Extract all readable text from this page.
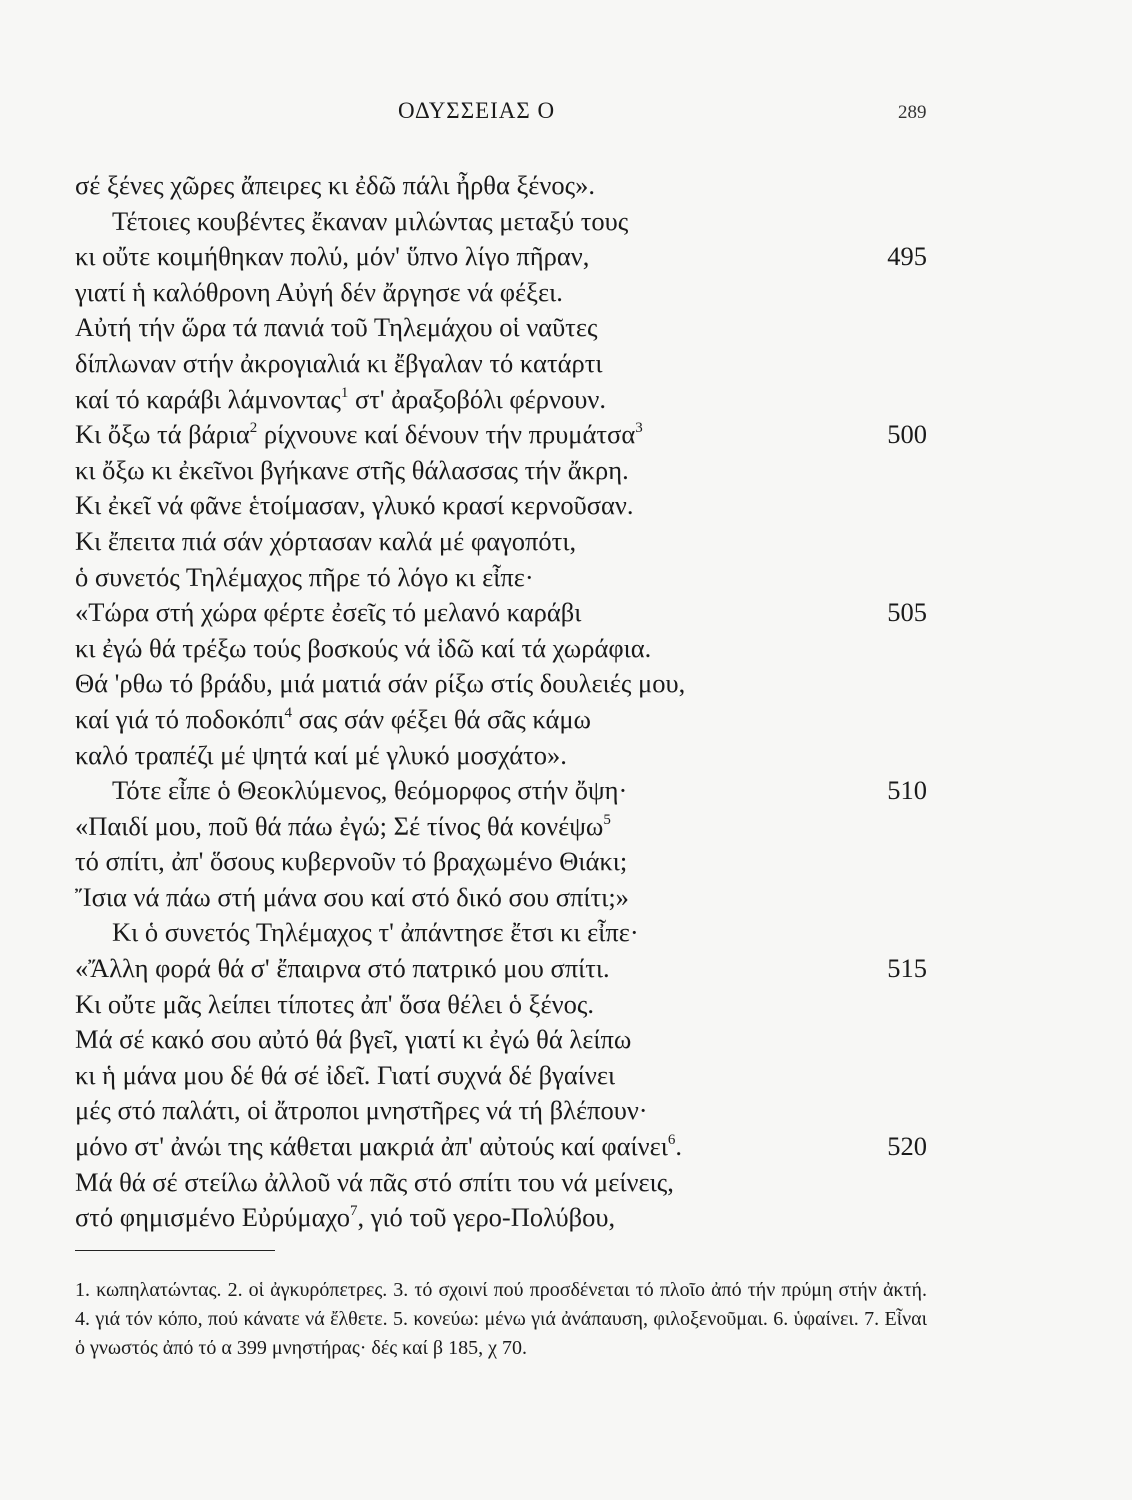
ΟΔΥΣΣΕΙΑΣ Ο	289
σέ ξένες χῶρες ἄπειρες κι ἐδῶ πάλι ἦρθα ξένος».
Τέτοιες κουβέντες ἔκαναν μιλώντας μεταξύ τους
κι οὔτε κοιμήθηκαν πολύ, μόν' ὕπνο λίγο πῆραν,	495
γιατί ἡ καλόθρονη Αὐγή δέν ἄργησε νά φέξει.
Αὐτή τήν ὥρα τά πανιά τοῦ Τηλεμάχου οἱ ναῦτες
δίπλωναν στήν ἀκρογιαλιά κι ἔβγαλαν τό κατάρτι
καί τό καράβι λάμνοντας$^1$ στ' ἀραξοβόλι φέρνουν.
Κι ὄξω τά βάρια$^2$ ρίχνουνε καί δένουν τήν πρυμάτσα$^3$	500
κι ὄξω κι ἐκεῖνοι βγήκανε στῆς θάλασσας τήν ἄκρη.
Κι ἐκεῖ νά φᾶνε ἑτοίμασαν, γλυκό κρασί κερνοῦσαν.
Κι ἔπειτα πιά σάν χόρτασαν καλά μέ φαγοπότι,
ὁ συνετός Τηλέμαχος πῆρε τό λόγο κι εἶπε·
«Τώρα στή χώρα φέρτε ἐσεῖς τό μελανό καράβι	505
κι ἐγώ θά τρέξω τούς βοσκούς νά ἰδῶ καί τά χωράφια.
Θά 'ρθω τό βράδυ, μιά ματιά σάν ρίξω στίς δουλειές μου,
καί γιά τό ποδοκόπι$^4$ σας σάν φέξει θά σᾶς κάμω
καλό τραπέζι μέ ψητά καί μέ γλυκό μοσχάτο».
Τότε εἶπε ὁ Θεοκλύμενος, θεόμορφος στήν ὄψη·	510
«Παιδί μου, ποῦ θά πάω ἐγώ; Σέ τίνος θά κονέψω$^5$
τό σπίτι, ἀπ' ὅσους κυβερνοῦν τό βραχωμένο Θιάκι;
Ἴσια νά πάω στή μάνα σου καί στό δικό σου σπίτι;»
Κι ὁ συνετός Τηλέμαχος τ' ἀπάντησε ἔτσι κι εἶπε·
«Ἄλλη φορά θά σ' ἔπαιρνα στό πατρικό μου σπίτι.	515
Κι οὔτε μᾶς λείπει τίποτες ἀπ' ὅσα θέλει ὁ ξένος.
Μά σέ κακό σου αὐτό θά βγεῖ, γιατί κι ἐγώ θά λείπω
κι ἡ μάνα μου δέ θά σέ ἰδεῖ. Γιατί συχνά δέ βγαίνει
μές στό παλάτι, οἱ ἄτροποι μνηστῆρες νά τή βλέπουν·
μόνο στ' ἀνώι της κάθεται μακριά ἀπ' αὐτούς καί φαίνει$^6$.	520
Μά θά σέ στείλω ἀλλοῦ νά πᾶς στό σπίτι του νά μείνεις,
στό φημισμένο Εὐρύμαχο$^7$, γιό τοῦ γερο-Πολύβου,
1. κωπηλατώντας. 2. οἱ ἀγκυρόπετρες. 3. τό σχοινί πού προσδένεται τό πλοῖο ἀπό τήν πρύμη στήν ἀκτή. 4. γιά τόν κόπο, πού κάνατε νά ἔλθετε. 5. κονεύω: μένω γιά ἀνάπαυση, φιλοξενοῦμαι. 6. ὑφαίνει. 7. Εἶναι ὁ γνωστός ἀπό τό α 399 μνηστήρας· δές καί β 185, χ 70.
